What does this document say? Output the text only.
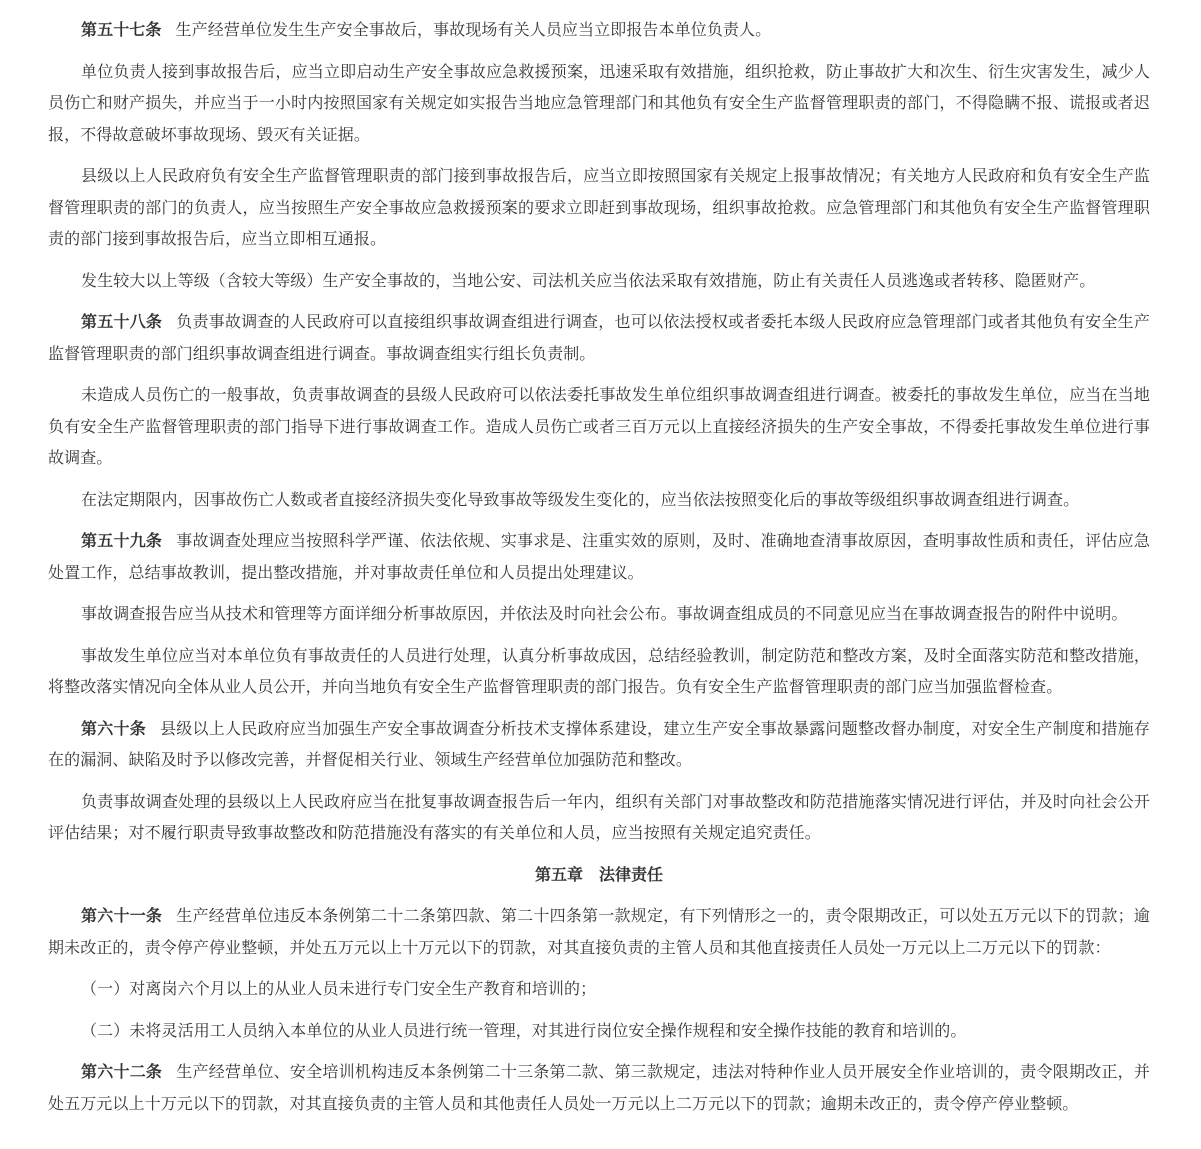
第五十七条 生产经营单位发生生产安全事故后，事故现场有关人员应当立即报告本单位负责人。

单位负责人接到事故报告后，应当立即启动生产安全事故应急救援预案，迅速采取有效措施，组织抢救，防止事故扩大和次生、衍生灾害发生，减少人员伤亡和财产损失，并应当于一小时内按照国家有关规定如实报告当地应急管理部门和其他负有安全生产监督管理职责的部门，不得隐瞒不报、谎报或者迟报，不得故意破坏事故现场、毁灭有关证据。

县级以上人民政府负有安全生产监督管理职责的部门接到事故报告后，应当立即按照国家有关规定上报事故情况；有关地方人民政府和负有安全生产监督管理职责的部门的负责人，应当按照生产安全事故应急救援预案的要求立即赶到事故现场，组织事故抢救。应急管理部门和其他负有安全生产监督管理职责的部门接到事故报告后，应当立即相互通报。

发生较大以上等级（含较大等级）生产安全事故的，当地公安、司法机关应当依法采取有效措施，防止有关责任人员逃逸或者转移、隐匿财产。

第五十八条 负责事故调查的人民政府可以直接组织事故调查组进行调查，也可以依法授权或者委托本级人民政府应急管理部门或者其他负有安全生产监督管理职责的部门组织事故调查组进行调查。事故调查组实行组长负责制。

未造成人员伤亡的一般事故，负责事故调查的县级人民政府可以依法委托事故发生单位组织事故调查组进行调查。被委托的事故发生单位，应当在当地负有安全生产监督管理职责的部门指导下进行事故调查工作。造成人员伤亡或者三百万元以上直接经济损失的生产安全事故，不得委托事故发生单位进行事故调查。

在法定期限内，因事故伤亡人数或者直接经济损失变化导致事故等级发生变化的，应当依法按照变化后的事故等级组织事故调查组进行调查。

第五十九条 事故调查处理应当按照科学严谨、依法依规、实事求是、注重实效的原则，及时、准确地查清事故原因，查明事故性质和责任，评估应急处置工作，总结事故教训，提出整改措施，并对事故责任单位和人员提出处理建议。

事故调查报告应当从技术和管理等方面详细分析事故原因，并依法及时向社会公布。事故调查组成员的不同意见应当在事故调查报告的附件中说明。

事故发生单位应当对本单位负有事故责任的人员进行处理，认真分析事故成因，总结经验教训，制定防范和整改方案，及时全面落实防范和整改措施，将整改落实情况向全体从业人员公开，并向当地负有安全生产监督管理职责的部门报告。负有安全生产监督管理职责的部门应当加强监督检查。

第六十条 县级以上人民政府应当加强生产安全事故调查分析技术支撑体系建设，建立生产安全事故暴露问题整改督办制度，对安全生产制度和措施存在的漏洞、缺陷及时予以修改完善，并督促相关行业、领域生产经营单位加强防范和整改。

负责事故调查处理的县级以上人民政府应当在批复事故调查报告后一年内，组织有关部门对事故整改和防范措施落实情况进行评估，并及时向社会公开评估结果；对不履行职责导致事故整改和防范措施没有落实的有关单位和人员，应当按照有关规定追究责任。

第五章　法律责任

第六十一条 生产经营单位违反本条例第二十二条第四款、第二十四条第一款规定，有下列情形之一的，责令限期改正，可以处五万元以下的罚款；逾期未改正的，责令停产停业整顿，并处五万元以上十万元以下的罚款，对其直接负责的主管人员和其他直接责任人员处一万元以上二万元以下的罚款：

（一）对离岗六个月以上的从业人员未进行专门安全生产教育和培训的；

（二）未将灵活用工人员纳入本单位的从业人员进行统一管理，对其进行岗位安全操作规程和安全操作技能的教育和培训的。

第六十二条 生产经营单位、安全培训机构违反本条例第二十三条第二款、第三款规定，违法对特种作业人员开展安全作业培训的，责令限期改正，并处五万元以上十万元以下的罚款，对其直接负责的主管人员和其他责任人员处一万元以上二万元以下的罚款；逾期未改正的，责令停产停业整顿。
